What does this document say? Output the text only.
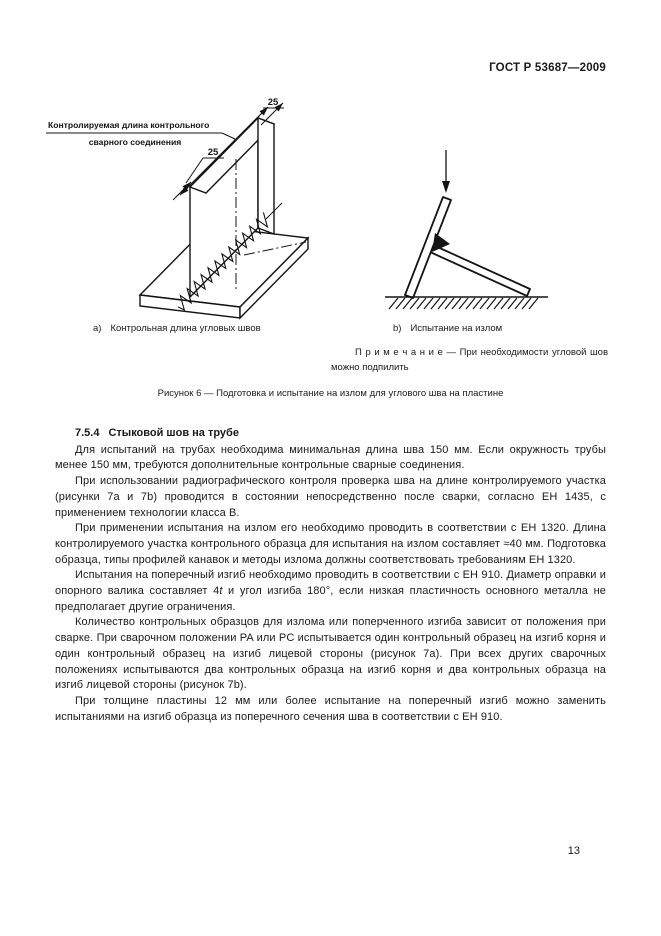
ГОСТ Р 53687—2009
25
25
Контролируемая длина контрольного
сварного соединения
a) Контрольная длина угловых швов	b) Испытание на излом
П р и м е ч а н и е — При необходимости угловой шов можно подпилить
Рисунок 6 — Подготовка и испытание на излом для углового шва на пластине
7.5.4 Стыковой шов на трубе

Для испытаний на трубах необходима минимальная длина шва 150 мм. Если окружность трубы менее 150 мм, требуются дополнительные контрольные сварные соединения.

При использовании радиографического контроля проверка шва на длине контролируемого участка (рисунки 7a и 7b) проводится в состоянии непосредственно после сварки, согласно ЕН 1435, с применением технологии класса В.

При применении испытания на излом его необходимо проводить в соответствии с ЕН 1320. Длина контролируемого участка контрольного образца для испытания на излом составляет ≈40 мм. Подготовка образца, типы профилей канавок и методы излома должны соответствовать требованиям ЕН 1320.

Испытания на поперечный изгиб необходимо проводить в соответствии с ЕН 910. Диаметр оправки и опорного валика составляет 4t и угол изгиба 180°, если низкая пластичность основного металла не предполагает другие ограничения.

Количество контрольных образцов для излома или поперченного изгиба зависит от положения при сварке. При сварочном положении PA или PC испытывается один контрольный образец на изгиб корня и один контрольный образец на изгиб лицевой стороны (рисунок 7a). При всех других сварочных положениях испытываются два контрольных образца на изгиб корня и два контрольных образца на изгиб лицевой стороны (рисунок 7b).

При толщине пластины 12 мм или более испытание на поперечный изгиб можно заменить испытаниями на изгиб образца из поперечного сечения шва в соответствии с ЕН 910.

13
